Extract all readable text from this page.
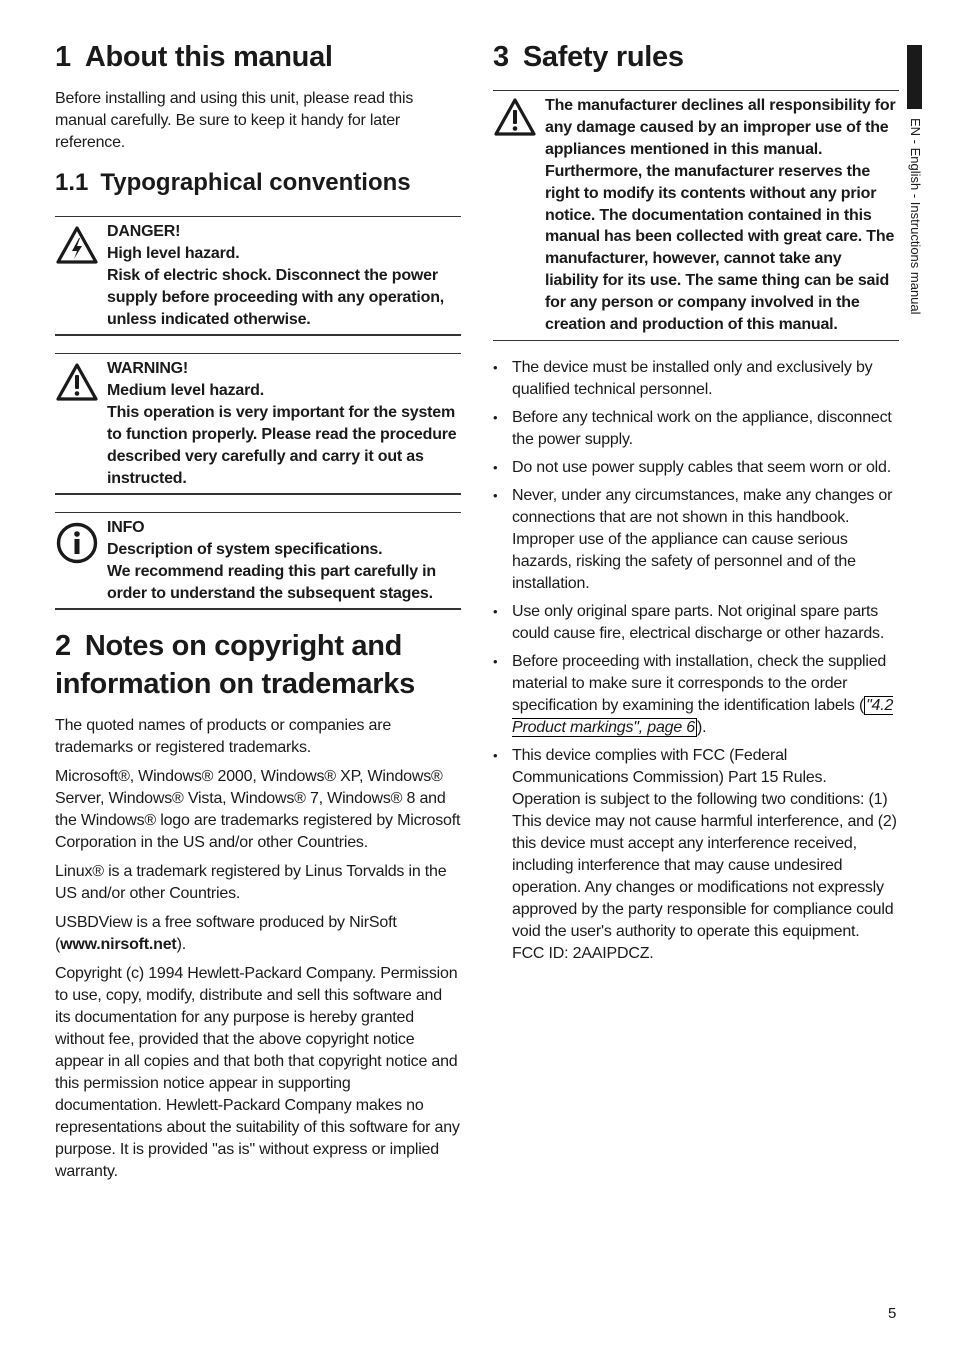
1 About this manual

Before installing and using this unit, please read this manual carefully. Be sure to keep it handy for later reference.

1.1 Typographical conventions
DANGER!
High level hazard.
Risk of electric shock. Disconnect the power supply before proceeding with any operation, unless indicated otherwise.
WARNING!
Medium level hazard.
This operation is very important for the system to function properly. Please read the procedure described very carefully and carry it out as instructed.
INFO
Description of system specifications.
We recommend reading this part carefully in order to understand the subsequent stages.
2 Notes on copyright and
information on trademarks

The quoted names of products or companies are trademarks or registered trademarks.

Microsoft®, Windows® 2000, Windows® XP, Windows® Server, Windows® Vista, Windows® 7, Windows® 8 and the Windows® logo are trademarks registered by Microsoft Corporation in the US and/or other Countries.

Linux® is a trademark registered by Linus Torvalds in the US and/or other Countries.

USBDView is a free software produced by NirSoft (www.nirsoft.net).

Copyright (c) 1994 Hewlett-Packard Company. Permission to use, copy, modify, distribute and sell this software and its documentation for any purpose is hereby granted without fee, provided that the above copyright notice appear in all copies and that both that copyright notice and this permission notice appear in supporting documentation. Hewlett-Packard Company makes no representations about the suitability of this software for any purpose. It is provided "as is" without express or implied warranty.

3 Safety rules
The manufacturer declines all responsibility for any damage caused by an improper use of the appliances mentioned in this manual. Furthermore, the manufacturer reserves the right to modify its contents without any prior notice. The documentation contained in this manual has been collected with great care. The manufacturer, however, cannot take any liability for its use. The same thing can be said for any person or company involved in the creation and production of this manual.
• The device must be installed only and exclusively by qualified technical personnel.
• Before any technical work on the appliance, disconnect the power supply.
• Do not use power supply cables that seem worn or old.
• Never, under any circumstances, make any changes or connections that are not shown in this handbook. Improper use of the appliance can cause serious hazards, risking the safety of personnel and of the installation.
• Use only original spare parts. Not original spare parts could cause fire, electrical discharge or other hazards.
• Before proceeding with installation, check the supplied material to make sure it corresponds to the order specification by examining the identification labels ( "4.2 Product markings", page 6 ).
• This device complies with FCC (Federal Communications Commission) Part 15 Rules. Operation is subject to the following two conditions: (1) This device may not cause harmful interference, and (2) this device must accept any interference received, including interference that may cause undesired operation. Any changes or modifications not expressly approved by the party responsible for compliance could void the user's authority to operate this equipment.
FCC ID: 2AAIPDCZ.
EN - English - Instructions manual
5
